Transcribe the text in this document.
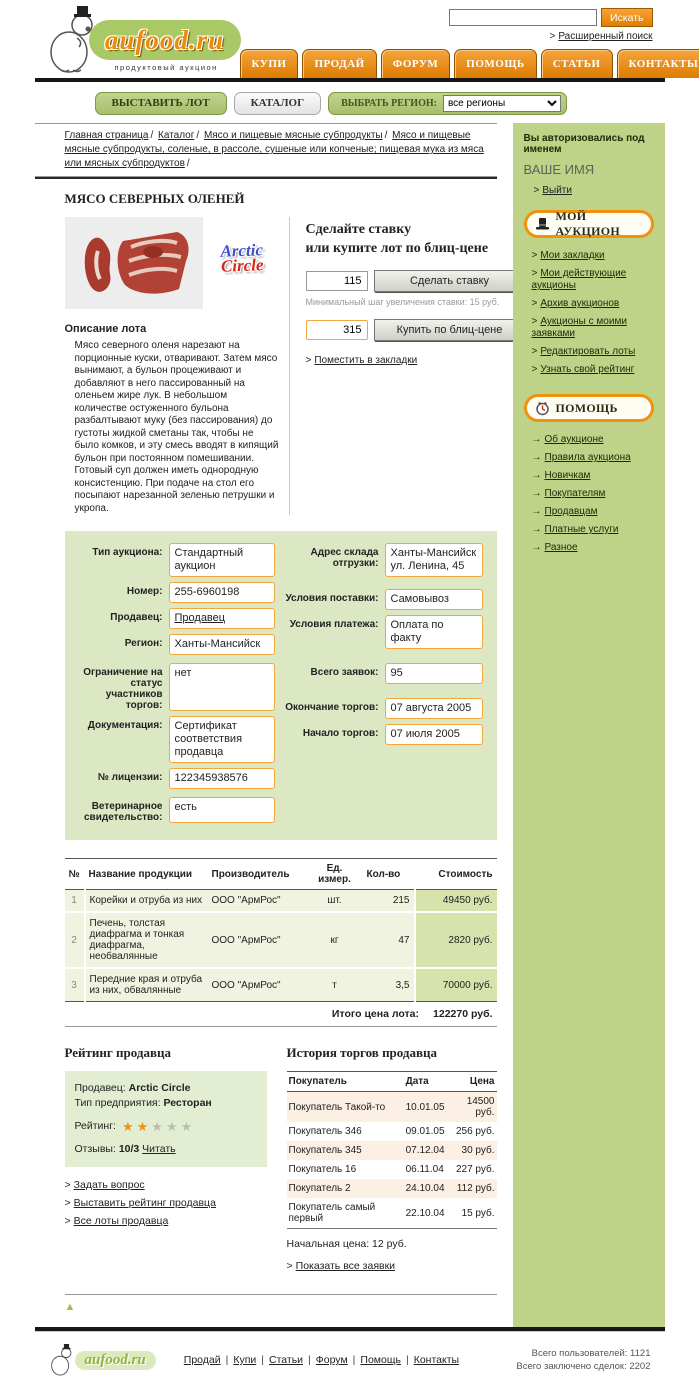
aufood.ru
продуктовый аукцион
Искать
> Расширенный поиск
КУПИ	ПРОДАЙ	ФОРУМ	ПОМОЩЬ	СТАТЬИ	КОНТАКТЫ
ВЫСТАВИТЬ ЛОТ	КАТАЛОГ	ВЫБРАТЬ РЕГИОН:
все регионы
Главная страница / Каталог / Мясо и пищевые мясные субпродукты / Мясо и пищевые мясные субпродукты, соленые, в рассоле, сушеные или копченые; пищевая мука из мяса или мясных субпродуктов /
МЯСО СЕВЕРНЫХ ОЛЕНЕЙ
Arctic
Circle
Описание лота
Мясо северного оленя нарезают на порционные куски, отваривают. Затем мясо вынимают, а бульон процеживают и добавляют в него пассированный на оленьем жире лук. В небольшом количестве остуженного бульона разбалтывают муку (без пассирования) до густоты жидкой сметаны так, чтобы не было комков, и эту смесь вводят в кипящий бульон при постоянном помешивании. Готовый суп должен иметь однородную консистенцию. При подаче на стол его посыпают нарезанной зеленью петрушки и укропа.
Сделайте ставку
или купите лот по блиц-цене
115
Сделать ставку
Минимальный шаг увеличения ставки: 15 руб.
315
Купить по блиц-цене
> Поместить в закладки
Тип аукциона:	Стандартный аукцион
Номер:	255-6960198
Продавец:	Продавец
Регион:	Ханты-Мансийск
Ограничение на статус участников торгов:
нет
Документация:	Сертификат соответствия продавца
№ лицензии:	122345938576
Ветеринарное свидетельство:
есть
Адрес склада отгрузки:
Ханты-Мансийск ул. Ленина, 45
Условия поставки:	Самовывоз
Условия платежа:	Оплата по факту
Всего заявок:	95
Окончание торгов:	07 августа 2005
Начало торгов:	07 июля 2005
№	Название продукции	Производитель	Ед. измер.	Кол-во	Стоимость
1	Корейки и отруба из них	ООО "АрмРос"	шт.	215	49450 руб.
2	Печень, толстая диафрагма и тонкая диафрагма, необвалянные	ООО "АрмРос"	кг	47	2820 руб.
3	Передние края и отруба из них, обвалянные	ООО "АрмРос"	т	3,5	70000 руб.
Итого цена лота: 122270 руб.
Рейтинг продавца
Продавец: Arctic Circle
Тип предприятия: Ресторан
Рейтинг: ★★★★★
Отзывы: 10/3 Читать
> Задать вопрос
> Выставить рейтинг продавца
> Все лоты продавца
История торгов продавца
Покупатель	Дата	Цена
Покупатель Такой-то	10.01.05	14500 руб.
Покупатель 346	09.01.05	256 руб.
Покупатель 345	07.12.04	30 руб.
Покупатель 16	06.11.04	227 руб.
Покупатель 2	24.10.04	112 руб.
Покупатель самый первый	22.10.04	15 руб.
Начальная цена: 12 руб.
> Показать все заявки
▲
Вы авторизовались под именем
ВАШЕ ИМЯ
> Выйти
МОЙ АУКЦИОН
> Мои закладки
> Мои действующие аукционы
> Архив аукционов
> Аукционы с моими заявками
> Редактировать лоты
> Узнать свой рейтинг
ПОМОЩЬ
→ Об аукционе
→ Правила аукциона
→ Новичкам
→ Покупателям
→ Продавцам
→ Платные услуги
→ Разное
aufood.ru	Продай | Купи | Статьи | Форум | Помощь | Контакты
Всего пользователей: 1121
Всего заключено сделок: 2202
